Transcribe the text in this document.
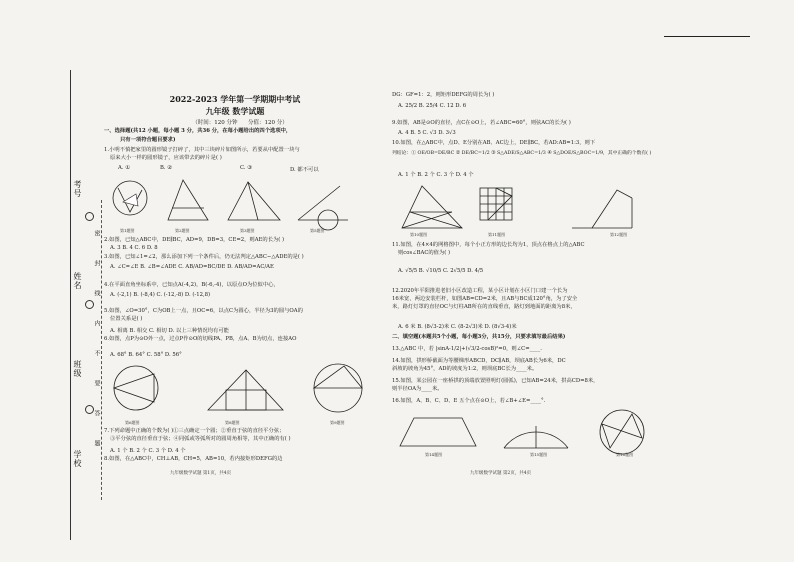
考号
姓名
班级
学校
密
封
线
内
不
要
答
题
2022-2023 学年第一学期期中考试
九年级 数学试题
（时间：120 分钟 分值：120 分）
一、选择题(共12 小题，每小题 3 分，共36 分，在每小题给出的四个选项中，
只有一项符合题目要求)
1.小明不慎把家里的圆形镜子打碎了，其中三块碎片如图所示，若要从中配置一块与
原来大小一样的圆形镜子，应该带去的碎片是( )
A. ①	B. ②	C. ③	D. 都不可以
第1题图	第2题图	第3题图	第5题图
2.如图，已知△ABC中，DE∥BC，AD=9，DB=3，CE=2，则AE的长为( )
A. 3 B. 4 C. 6 D. 8
3.如图，已知∠1=∠2，那么添加下列一个条件后，仍无法判定△ABC∽△ADE的是( )
A. ∠C=∠E B. ∠B=∠ADE C. AB/AD=BC/DE D. AB/AD=AC/AE
4.在平面直角坐标系中，已知点A(-4,2)，B(-6,-4)，以原点O为位似中心，
A. (-2,1) B. (-8,4) C. (-12,-8) D. (-12,8)
5.如图，∠O=30°，C为OB上一点，且OC=6，以点C为圆心，半径为3的圆与OA的
位置关系是( )
A. 相离 B. 相交 C. 相切 D. 以上三种情况均有可能
6.如图，点P为⊙O外一点，过点P作⊙O的切线PA、PB，点A、B为切点，连接AO
A. 68° B. 64° C. 58° D. 56°
第6题图	第8题图	第9题图
7.下列命题中正确的个数为( )①三点确定一个圆；②垂直于弦的直径平分弦；
③平分弦的直径垂直于弦；④同弧或等弧所对的圆周角相等，其中正确的有( )
A. 1 个 B. 2 个 C. 3 个 D. 4 个
8.如图，在△ABC中，CH⊥AB，CH=5，AB=10，若内接矩形DEFG的边
九年级数学试题 第1页，共4页
DG：GF=1：2，则矩形DEFG的周长为( )
A. 25/2 B. 25/4 C. 12 D. 6
9.如图，AB是⊙O的直径，点C在⊙O上，若∠ABC=60°，则弦AC的长为( )
A. 4 B. 5 C. √3 D. 3√3
10.如图，在△ABC中，点D、E分别在AB、AC边上，DE∥BC，若AD:AB=1:3，则下
列结论：① OE/OB=DE/BC ② DE/BC=1/2 ③ S△ADE/S△ABC=1/3 ④ S△DOE/S△BOC=1/9，其中正确的个数有( )
A. 1 个 B. 2 个 C. 3 个 D. 4 个
第10题图	第11题图	第12题图
11.如图，在4×4的网格图中，每个小正方形的边长均为1，顶点在格点上的△ABC
则cos∠BAC的值为( )
A. √5/5 B. √10/5 C. 2√5/5 D. 4/5
12.2020年平阳推进老旧小区改造工程，某小区计划在小区门口建一个长为
16米宽，两边安装栏杆，如图AB=CD=2米，且AB与BC成120°角，为了安全
米，路灯灯罩的直径OC与灯柱AB所在的直线垂直，路灯到地面的距离为8米，
A. 6 米 B. (8√3-2)米 C. (8-2√3)米 D. (8√3-4)米
二、填空题(本题共5个小题，每小题3分，共15分，只要求填写最后结果)
13.△ABC 中，若 |sinA-1/2|+(√3/2-cosB)²=0，则∠C=____.
14.如图，拱形桥截面为等腰梯形ABCD，DC∥AB，坝底AB长为6米，DC
斜坡的坡角为45°，AD的坡度为1:2，则坝底BC长为____米。
15.如图，某公园在一座桥拱的顶端放置照明灯(圆弧)，已知AB=24米，拱高CD=8米，
则半径OA为____米。
16.如图，A、B、C、D、E 五个点在⊙O上，若∠B+∠E=____°.
第14题图	第15题图	第16题图
九年级数学试题 第2页，共4页
